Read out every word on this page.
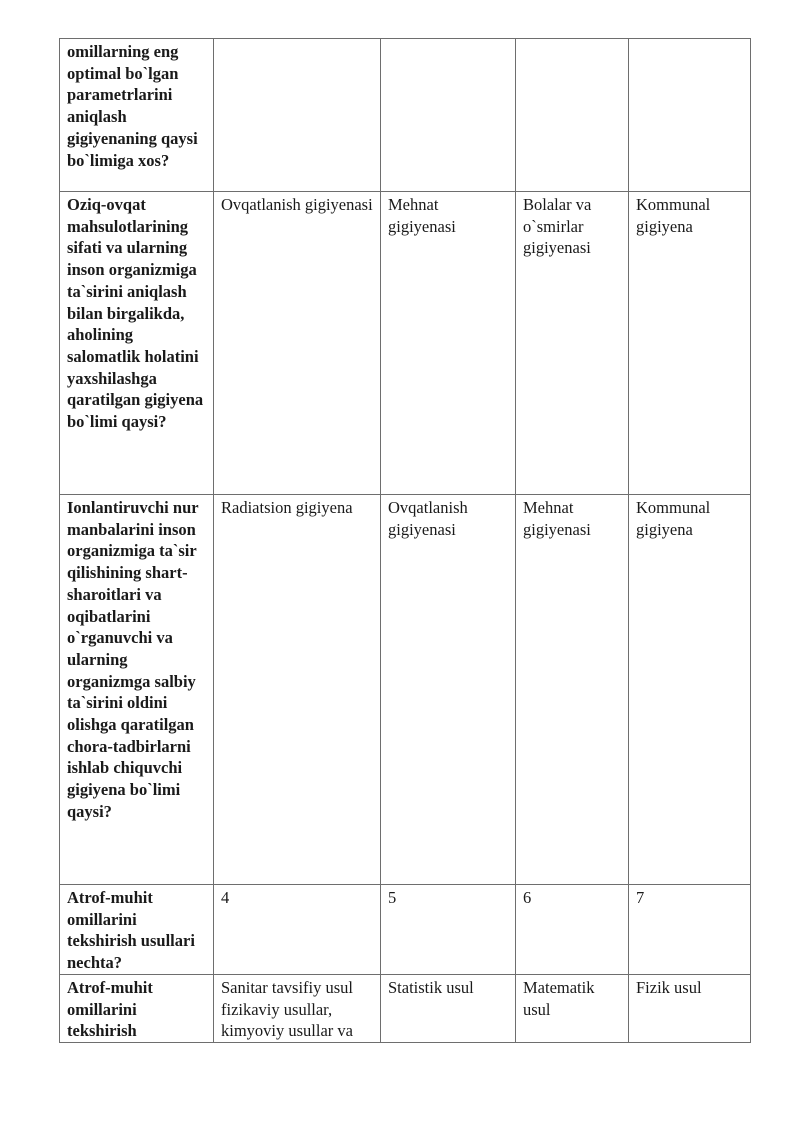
omillarning eng optimal bo`lgan parametrlarini aniqlash gigiyenaning qaysi bo`limiga xos?				
Oziq-ovqat mahsulotlarining sifati va ularning inson organizmiga ta`sirini aniqlash bilan birgalikda, aholining salomatlik holatini yaxshilashga qaratilgan gigiyena bo`limi qaysi?	Ovqatlanish gigiyenasi	Mehnat gigiyenasi	Bolalar va o`smirlar gigiyenasi	Kommunal gigiyena
Ionlantiruvchi nur manbalarini inson organizmiga ta`sir qilishining shart-sharoitlari va oqibatlarini o`rganuvchi va ularning organizmga salbiy ta`sirini oldini olishga qaratilgan chora-tadbirlarni ishlab chiquvchi gigiyena bo`limi qaysi?	Radiatsion gigiyena	Ovqatlanish gigiyenasi	Mehnat gigiyenasi	Kommunal gigiyena
Atrof-muhit omillarini tekshirish usullari nechta?	4	5	6	7
Atrof-muhit omillarini tekshirish	Sanitar tavsifiy usul fizikaviy usullar, kimyoviy usullar va	Statistik usul	Matematik usul	Fizik usul
